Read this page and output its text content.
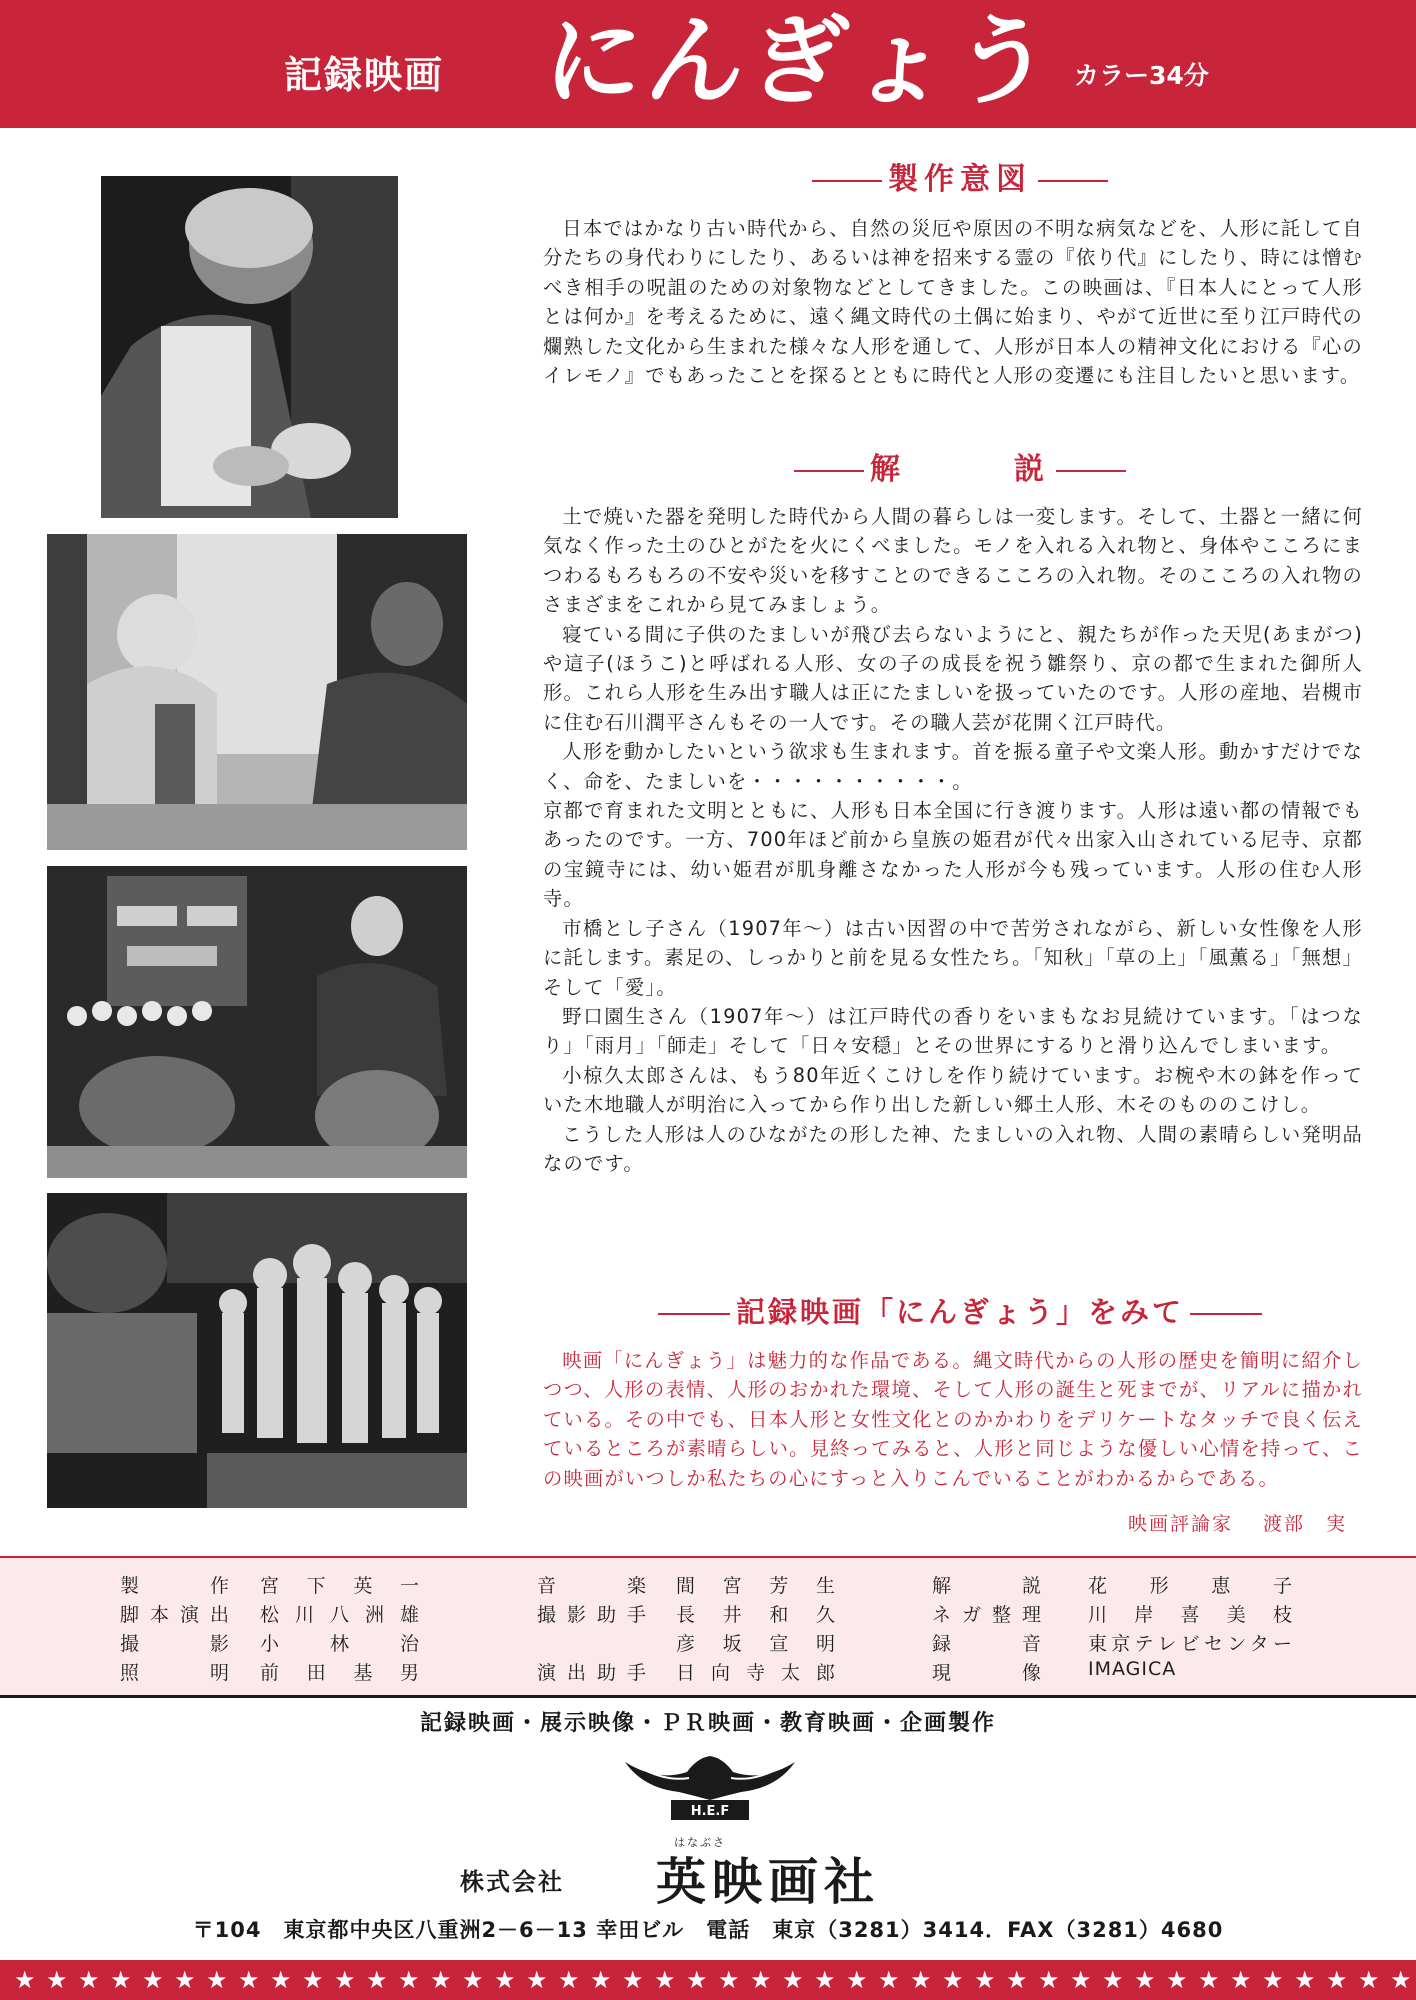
記録映画 にんぎょう カラー34分
製作意図

日本ではかなり古い時代から、自然の災厄や原因の不明な病気などを、人形に託して自分たちの身代わりにしたり、あるいは神を招来する霊の『依り代』にしたり、時には憎むべき相手の呪詛のための対象物などとしてきました。この映画は、『日本人にとって人形とは何か』を考えるために、遠く縄文時代の土偶に始まり、やがて近世に至り江戸時代の爛熟した文化から生まれた様々な人形を通して、人形が日本人の精神文化における『心のイレモノ』でもあったことを探るとともに時代と人形の変遷にも注目したいと思います。

解　　　説

土で焼いた器を発明した時代から人間の暮らしは一変します。そして、土器と一緒に何気なく作った土のひとがたを火にくべました。モノを入れる入れ物と、身体やこころにまつわるもろもろの不安や災いを移すことのできるこころの入れ物。そのこころの入れ物のさまざまをこれから見てみましょう。

寝ている間に子供のたましいが飛び去らないようにと、親たちが作った天児(あまがつ)や這子(ほうこ)と呼ばれる人形、女の子の成長を祝う雛祭り、京の都で生まれた御所人形。これら人形を生み出す職人は正にたましいを扱っていたのです。人形の産地、岩槻市に住む石川潤平さんもその一人です。その職人芸が花開く江戸時代。

人形を動かしたいという欲求も生まれます。首を振る童子や文楽人形。動かすだけでなく、命を、たましいを・・・・・・・・・・。

京都で育まれた文明とともに、人形も日本全国に行き渡ります。人形は遠い都の情報でもあったのです。一方、700年ほど前から皇族の姫君が代々出家入山されている尼寺、京都の宝鏡寺には、幼い姫君が肌身離さなかった人形が今も残っています。人形の住む人形寺。

市橋とし子さん（1907年～）は古い因習の中で苦労されながら、新しい女性像を人形に託します。素足の、しっかりと前を見る女性たち。「知秋」「草の上」「風薫る」「無想」そして「愛」。

野口園生さん（1907年～）は江戸時代の香りをいまもなお見続けています。「はつなり」「雨月」「師走」そして「日々安穏」とその世界にするりと滑り込んでしまいます。

小椋久太郎さんは、もう80年近くこけしを作り続けています。お椀や木の鉢を作っていた木地職人が明治に入ってから作り出した新しい郷土人形、木そのもののこけし。

こうした人形は人のひながたの形した神、たましいの入れ物、人間の素晴らしい発明品なのです。

記録映画「にんぎょう」をみて

映画「にんぎょう」は魅力的な作品である。縄文時代からの人形の歴史を簡明に紹介しつつ、人形の表情、人形のおかれた環境、そして人形の誕生と死までが、リアルに描かれている。その中でも、日本人形と女性文化とのかかわりをデリケートなタッチで良く伝えているところが素晴らしい。見終ってみると、人形と同じような優しい心情を持って、この映画がいつしか私たちの心にすっと入りこんでいることがわかるからである。

映画評論家 渡部　実
製作 宮下英一
脚本演出 松川八洲雄
撮影 小林治
照明 前田基男
音楽 間宮芳生
撮影助手 長井和久
彦坂宣明
演出助手 日向寺太郎
解説 花形恵子
ネガ整理 川岸喜美枝
録音 東京テレビセンター
現像 IMAGICA
記録映画・展示映像・ＰＲ映画・教育映画・企画製作
H.E.F
株式会社
はなぶさ
英映画社
〒104　東京都中央区八重洲2－6－13 幸田ビル　電話　東京（3281）3414．FAX（3281）4680
★ ★ ★ ★ ★ ★ ★ ★ ★ ★ ★ ★ ★ ★ ★ ★ ★ ★ ★ ★ ★ ★ ★ ★ ★ ★ ★ ★ ★ ★ ★ ★ ★ ★ ★ ★ ★ ★ ★ ★ ★ ★ ★ ★
